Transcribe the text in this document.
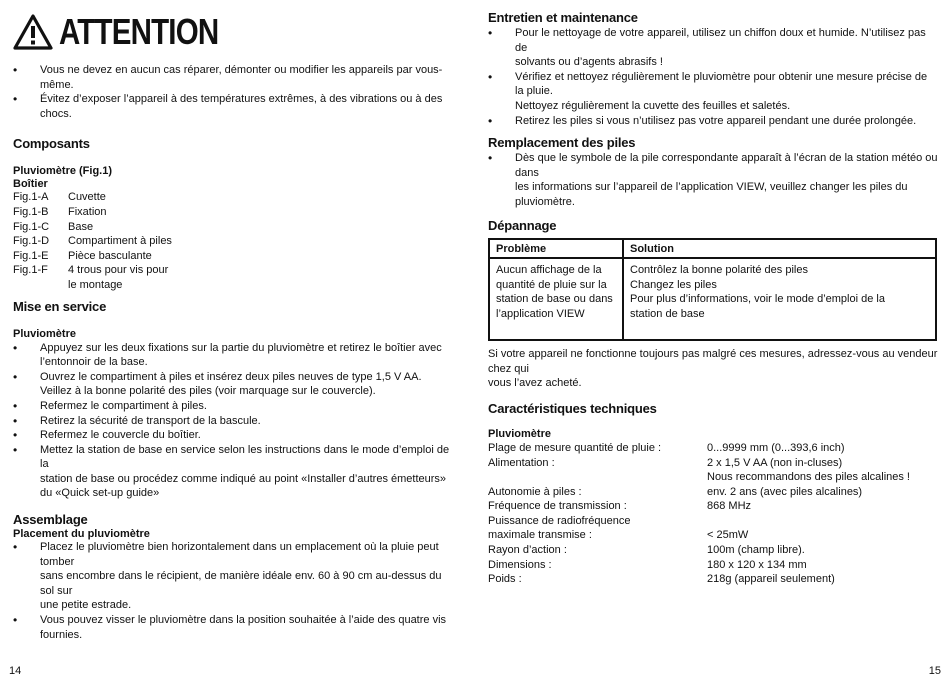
ATTENTION
• Vous ne devez en aucun cas réparer, démonter ou modifier les appareils par vous-même.
• Évitez d’exposer l’appareil à des températures extrêmes, à des vibrations ou à des chocs.
Composants
Pluviomètre (Fig.1)
Boîtier
Fig.1-A	Cuvette
Fig.1-B	Fixation
Fig.1-C	Base
Fig.1-D	Compartiment à piles
Fig.1-E	Pièce basculante
Fig.1-F	4 trous pour vis pour
le montage
Mise en service
Pluviomètre
• Appuyez sur les deux fixations sur la partie du pluviomètre et retirez le boîtier avec
l’entonnoir de la base.
• Ouvrez le compartiment à piles et insérez deux piles neuves de type 1,5 V AA.
Veillez à la bonne polarité des piles (voir marquage sur le couvercle).
• Refermez le compartiment à piles.
• Retirez la sécurité de transport de la bascule.
• Refermez le couvercle du boîtier.
• Mettez la station de base en service selon les instructions dans le mode d’emploi de la
station de base ou procédez comme indiqué au point «Installer d’autres émetteurs»
du «Quick set-up guide»
Assemblage
Placement du pluviomètre
• Placez le pluviomètre bien horizontalement dans un emplacement où la pluie peut tomber
sans encombre dans le récipient, de manière idéale env. 60 à 90 cm au-dessus du sol sur
une petite estrade.
• Vous pouvez visser le pluviomètre dans la position souhaitée à l’aide des quatre vis fournies.
Entretien et maintenance
• Pour le nettoyage de votre appareil, utilisez un chiffon doux et humide. N’utilisez pas de
solvants ou d’agents abrasifs !
• Vérifiez et nettoyez régulièrement le pluviomètre pour obtenir une mesure précise de la pluie.
Nettoyez régulièrement la cuvette des feuilles et saletés.
• Retirez les piles si vous n’utilisez pas votre appareil pendant une durée prolongée.
Remplacement des piles
• Dès que le symbole de la pile correspondante apparaît à l’écran de la station météo ou dans
les informations sur l’appareil de l’application VIEW, veuillez changer les piles du pluviomètre.
Dépannage
Problème	Solution
Aucun affichage de la
quantité de pluie sur la
station de base ou dans
l’application VIEW	Contrôlez la bonne polarité des piles
Changez les piles
Pour plus d’informations, voir le mode d’emploi de la
station de base

Si votre appareil ne fonctionne toujours pas malgré ces mesures, adressez-vous au vendeur chez qui
vous l’avez acheté.

Caractéristiques techniques
Pluviomètre
Plage de mesure quantité de pluie :	0...9999 mm (0...393,6 inch)
Alimentation :	2 x 1,5 V AA (non in-cluses)
Nous recommandons des piles alcalines !
Autonomie à piles :	env. 2 ans (avec piles alcalines)
Fréquence de transmission :	868 MHz
Puissance de radiofréquence
maximale transmise :	< 25mW
Rayon d’action :	100m (champ libre).
Dimensions :	180 x 120 x 134 mm
Poids :	218g (appareil seulement)
14	15
